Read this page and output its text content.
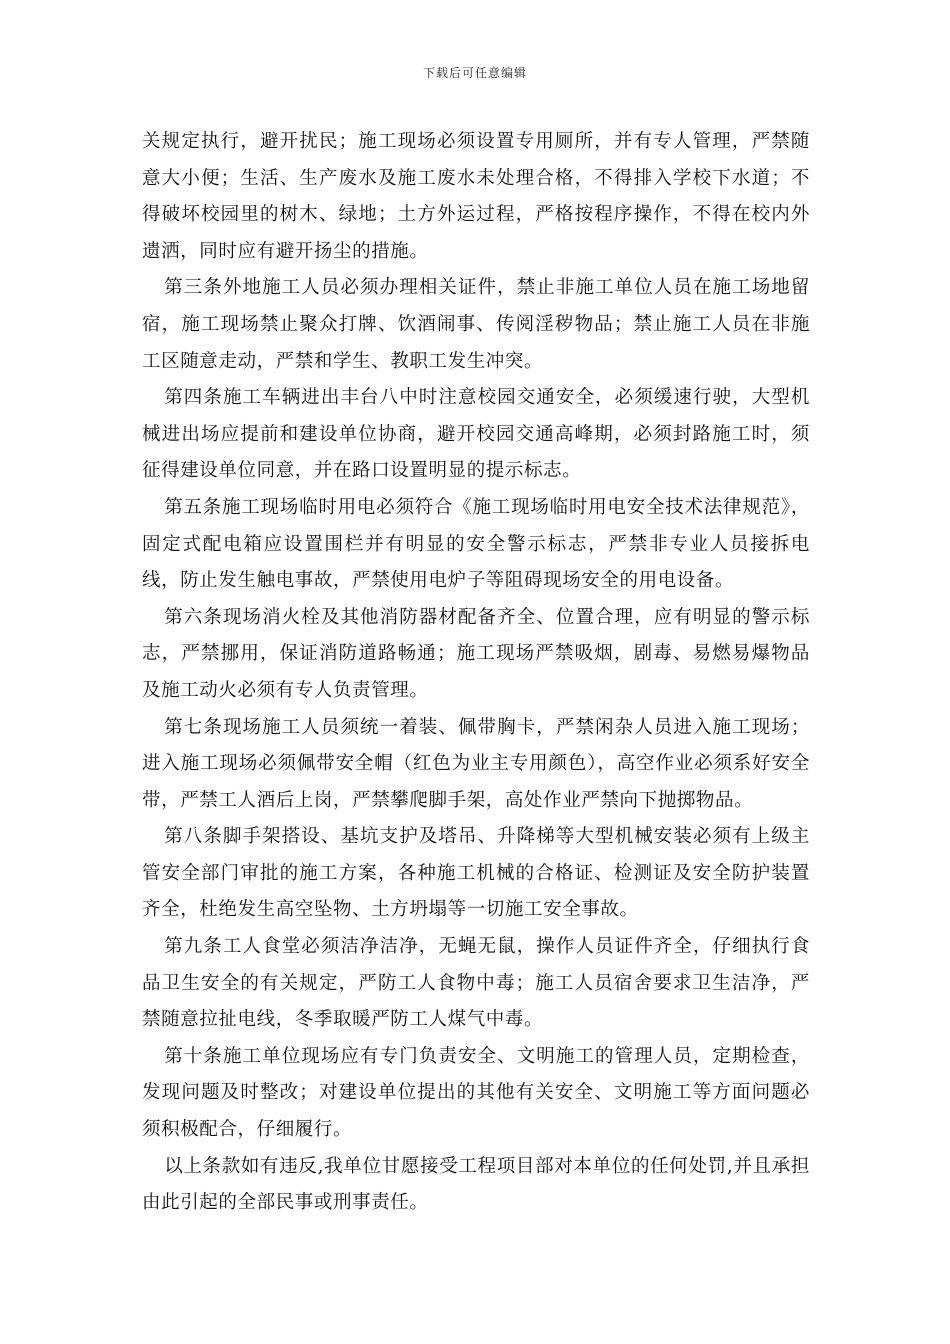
下载后可任意编辑

关规定执行，避开扰民；施工现场必须设置专用厕所，并有专人管理，严禁随意大小便；生活、生产废水及施工废水未处理合格，不得排入学校下水道；不得破坏校园里的树木、绿地；土方外运过程，严格按程序操作，不得在校内外遗洒，同时应有避开扬尘的措施。

第三条外地施工人员必须办理相关证件，禁止非施工单位人员在施工场地留宿，施工现场禁止聚众打牌、饮酒闹事、传阅淫秽物品；禁止施工人员在非施工区随意走动，严禁和学生、教职工发生冲突。

第四条施工车辆进出丰台八中时注意校园交通安全，必须缓速行驶，大型机械进出场应提前和建设单位协商，避开校园交通高峰期，必须封路施工时，须征得建设单位同意，并在路口设置明显的提示标志。

第五条施工现场临时用电必须符合《施工现场临时用电安全技术法律规范》，固定式配电箱应设置围栏并有明显的安全警示标志，严禁非专业人员接拆电线，防止发生触电事故，严禁使用电炉子等阻碍现场安全的用电设备。

第六条现场消火栓及其他消防器材配备齐全、位置合理，应有明显的警示标志，严禁挪用，保证消防道路畅通；施工现场严禁吸烟，剧毒、易燃易爆物品及施工动火必须有专人负责管理。

第七条现场施工人员须统一着装、佩带胸卡，严禁闲杂人员进入施工现场；进入施工现场必须佩带安全帽（红色为业主专用颜色），高空作业必须系好安全带，严禁工人酒后上岗，严禁攀爬脚手架，高处作业严禁向下抛掷物品。

第八条脚手架搭设、基坑支护及塔吊、升降梯等大型机械安装必须有上级主管安全部门审批的施工方案，各种施工机械的合格证、检测证及安全防护装置齐全，杜绝发生高空坠物、土方坍塌等一切施工安全事故。

第九条工人食堂必须洁净洁净，无蝇无鼠，操作人员证件齐全，仔细执行食品卫生安全的有关规定，严防工人食物中毒；施工人员宿舍要求卫生洁净，严禁随意拉扯电线，冬季取暖严防工人煤气中毒。

第十条施工单位现场应有专门负责安全、文明施工的管理人员，定期检查，发现问题及时整改；对建设单位提出的其他有关安全、文明施工等方面问题必须积极配合，仔细履行。

以上条款如有违反,我单位甘愿接受工程项目部对本单位的任何处罚,并且承担由此引起的全部民事或刑事责任。
